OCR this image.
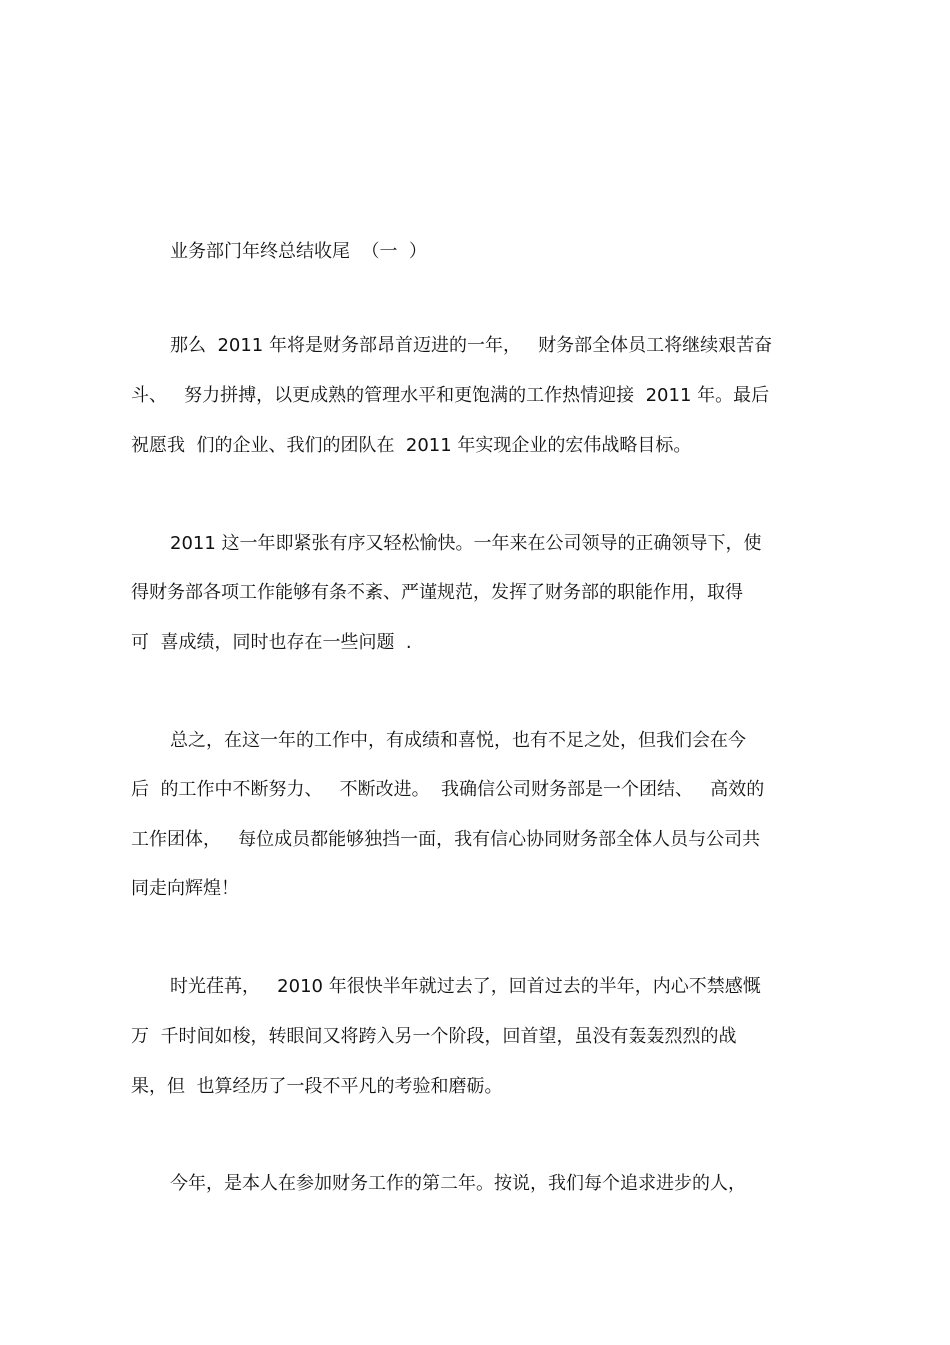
业务部门年终总结收尾  （一  ）
那么  2011 年将是财务部昂首迈进的一年，   财务部全体员工将继续艰苦奋
斗、   努力拼搏，以更成熟的管理水平和更饱满的工作热情迎接  2011 年。最后
祝愿我  们的企业、我们的团队在  2011 年实现企业的宏伟战略目标。
2011 这一年即紧张有序又轻松愉快。一年来在公司领导的正确领导下，使
得财务部各项工作能够有条不紊、严谨规范，发挥了财务部的职能作用，取得
可  喜成绩，同时也存在一些问题  .
总之，在这一年的工作中，有成绩和喜悦，也有不足之处，但我们会在今
后  的工作中不断努力、   不断改进。  我确信公司财务部是一个团结、   高效的
工作团体，   每位成员都能够独挡一面，我有信心协同财务部全体人员与公司共
同走向辉煌！
时光荏苒，   2010 年很快半年就过去了，回首过去的半年，内心不禁感慨
万  千时间如梭，转眼间又将跨入另一个阶段，回首望，虽没有轰轰烈烈的战
果，但  也算经历了一段不平凡的考验和磨砺。
今年，是本人在参加财务工作的第二年。按说，我们每个追求进步的人，
